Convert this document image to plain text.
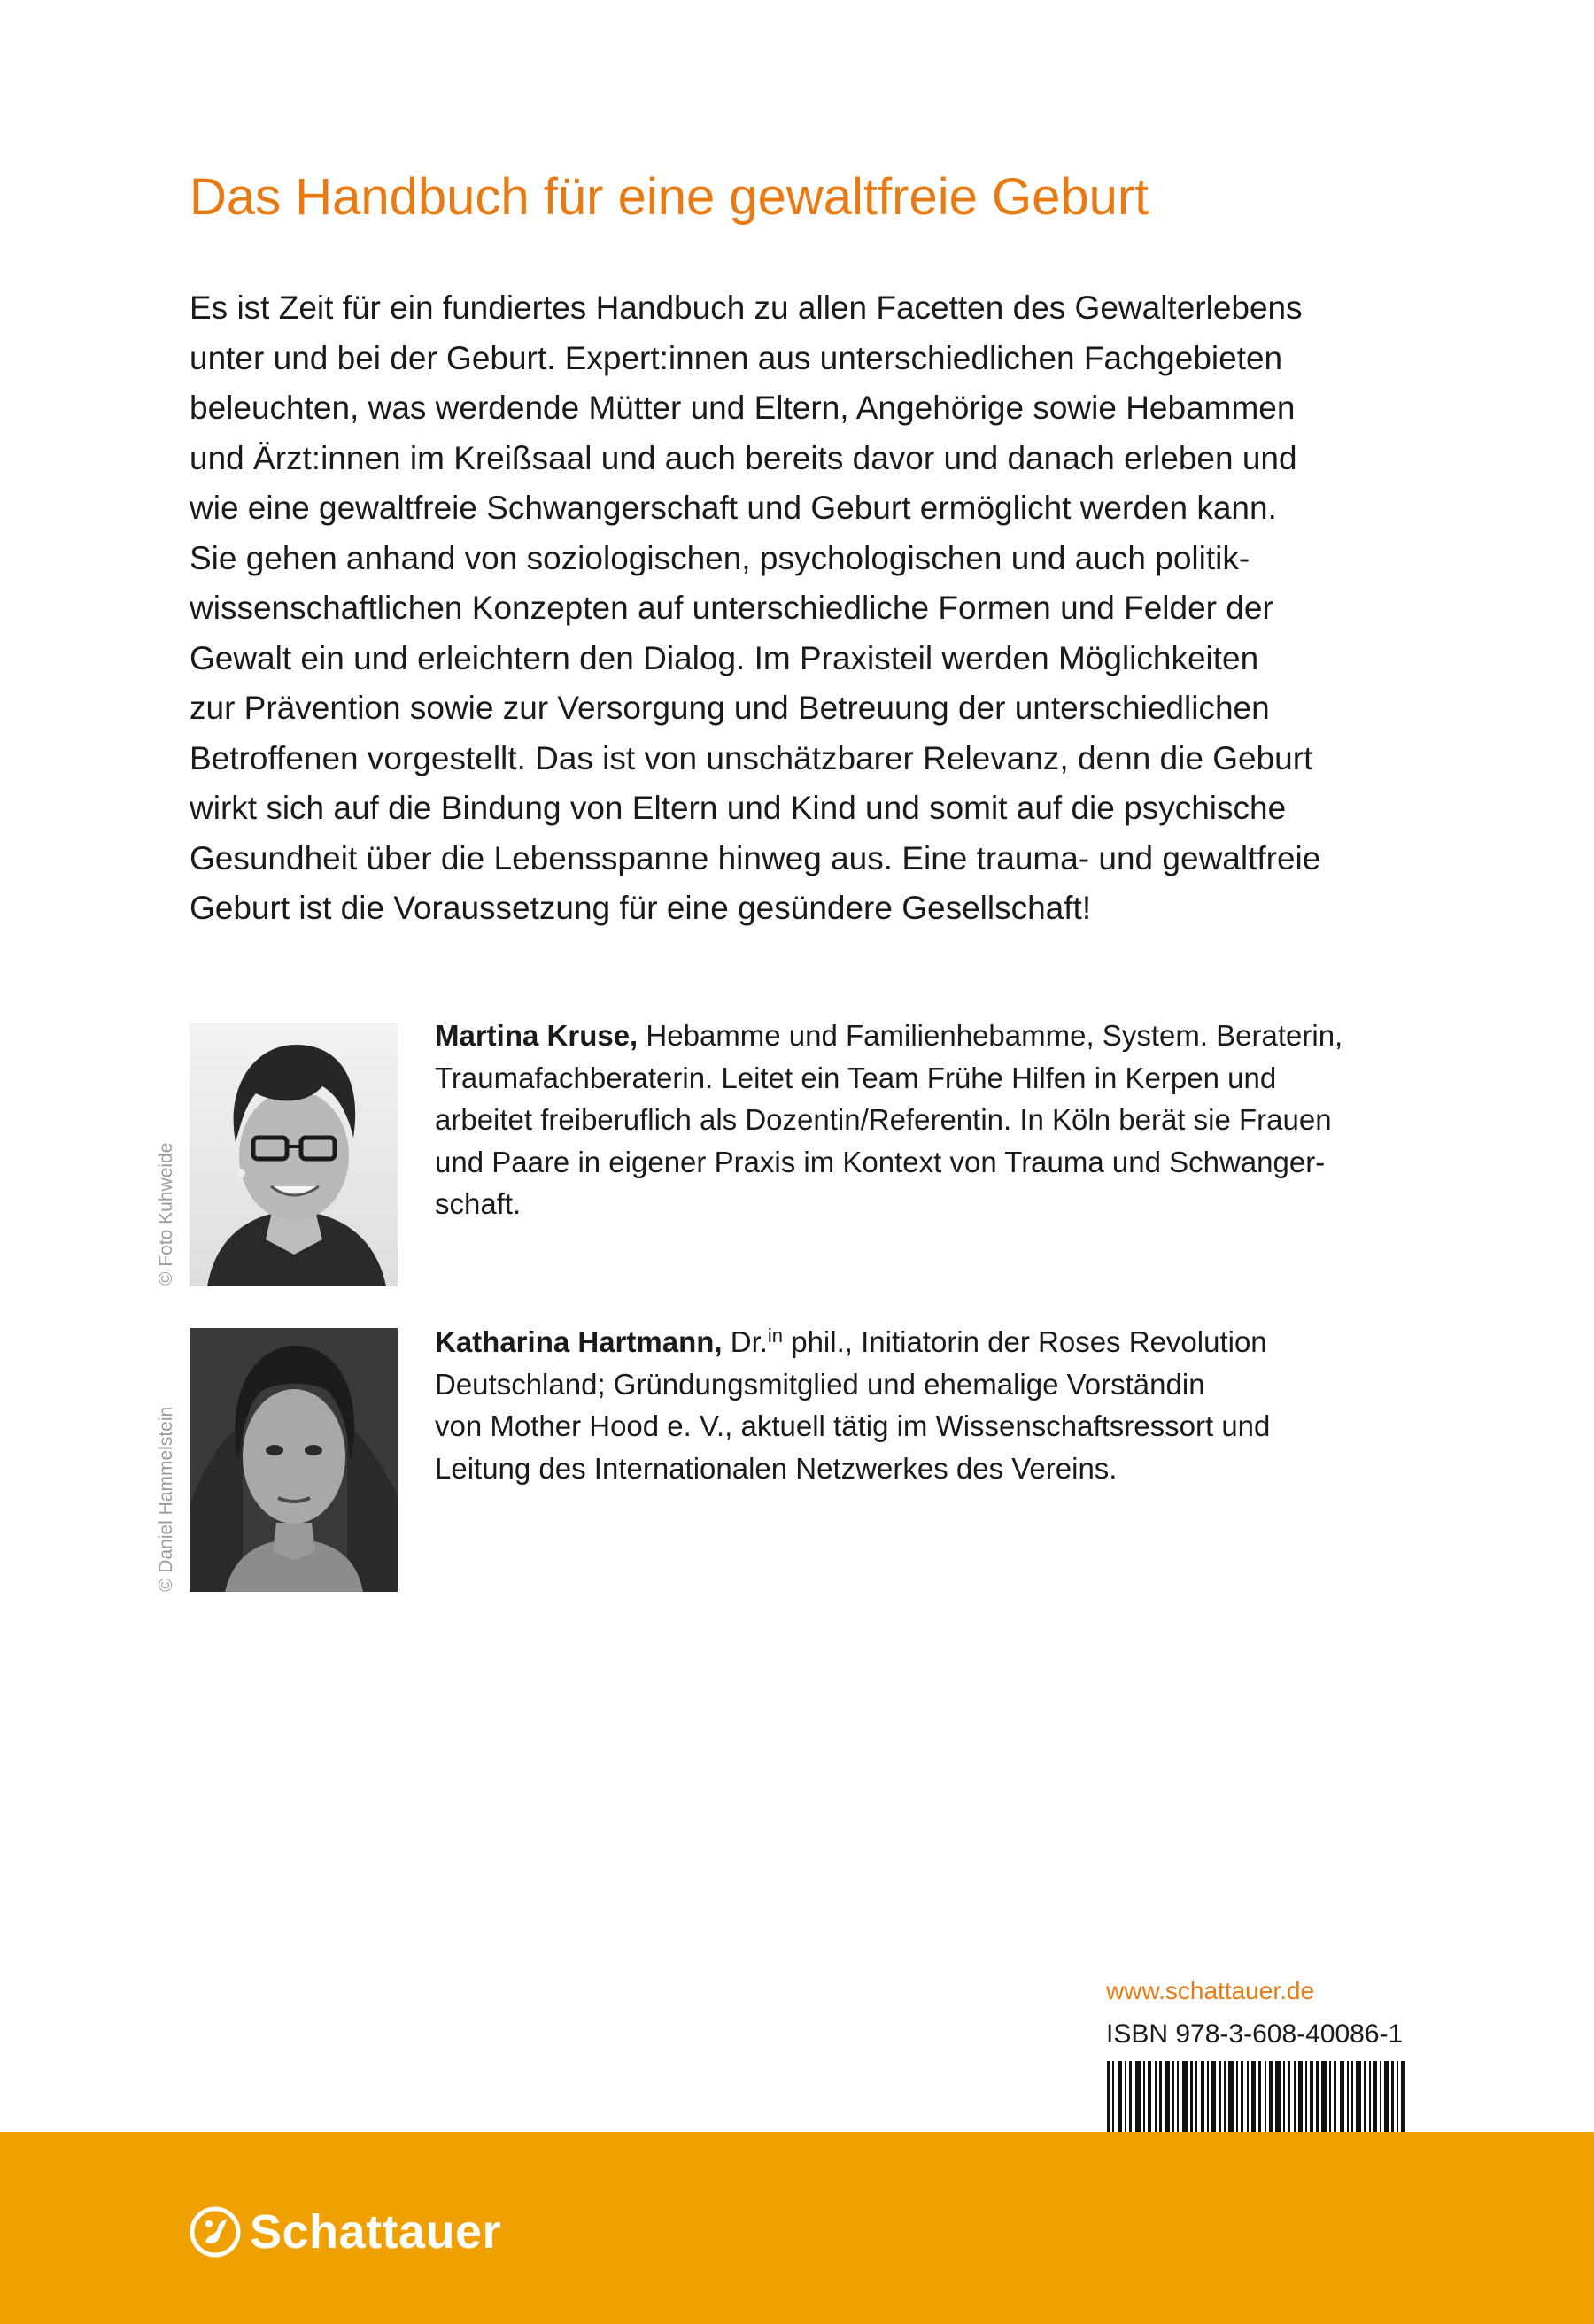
Das Handbuch für eine gewaltfreie Geburt
Es ist Zeit für ein fundiertes Handbuch zu allen Facetten des Gewalterlebens
unter und bei der Geburt. Expert:innen aus unterschiedlichen Fachgebieten
beleuchten, was werdende Mütter und Eltern, Angehörige sowie Hebammen
und Ärzt:innen im Kreißsaal und auch bereits davor und danach erleben und
wie eine gewaltfreie Schwangerschaft und Geburt ermöglicht werden kann.
Sie gehen anhand von soziologischen, psychologischen und auch politik-
wissenschaftlichen Konzepten auf unterschiedliche Formen und Felder der
Gewalt ein und erleichtern den Dialog. Im Praxisteil werden Möglichkeiten
zur Prävention sowie zur Versorgung und Betreuung der unterschiedlichen
Betroffenen vorgestellt. Das ist von unschätzbarer Relevanz, denn die Geburt
wirkt sich auf die Bindung von Eltern und Kind und somit auf die psychische
Gesundheit über die Lebensspanne hinweg aus. Eine trauma- und gewaltfreie
Geburt ist die Voraussetzung für eine gesündere Gesellschaft!
© Foto Kuhweide
Martina Kruse, Hebamme und Familienhebamme, System. Beraterin,
Traumafachberaterin. Leitet ein Team Frühe Hilfen in Kerpen und
arbeitet freiberuflich als Dozentin/Referentin. In Köln berät sie Frauen
und Paare in eigener Praxis im Kontext von Trauma und Schwanger-
schaft.
© Daniel Hammelstein
Katharina Hartmann, Dr.$^{in}$ phil., Initiatorin der Roses Revolution
Deutschland; Gründungsmitglied und ehemalige Vorständin
von Mother Hood e. V., aktuell tätig im Wissenschaftsressort und
Leitung des Internationalen Netzwerkes des Vereins.
www.schattauer.de
ISBN 978-3-608-40086-1
Schattauer
